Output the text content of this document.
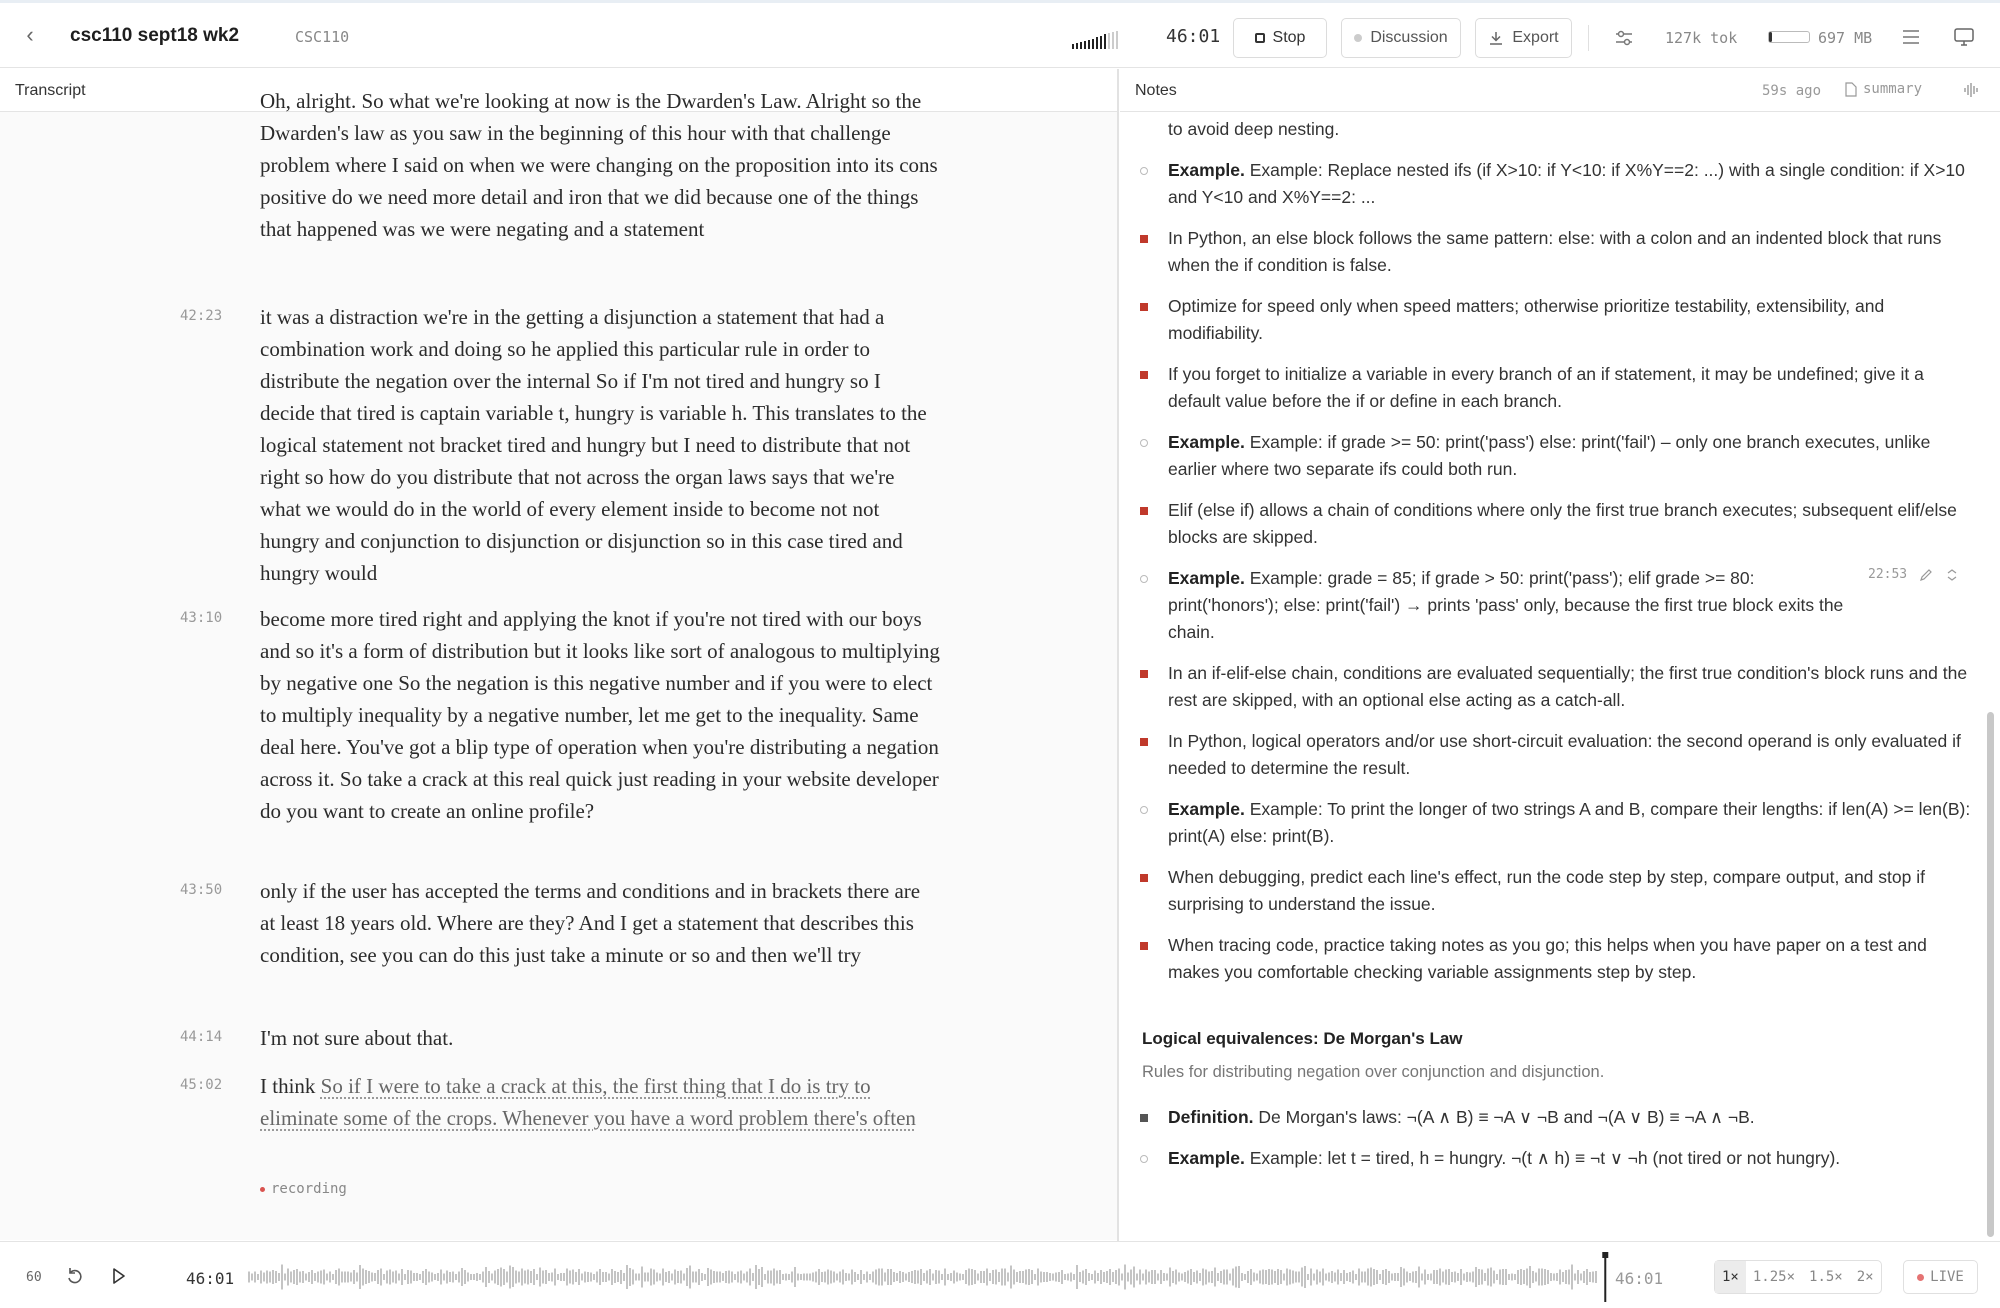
‹	csc110 sept18 wk2	CSC110	46:01	Stop	Discussion	Export	127k tok	697 MB
Transcript	Notes	59s ago	summary
Oh, alright. So what we're looking at now is the Dwarden's Law. Alright so the Dwarden's law as you saw in the beginning of this hour with that challenge problem where I said on when we were changing on the proposition into its cons positive do we need more detail and iron that we did because one of the things that happened was we were negating and a statement
42:23 it was a distraction we're in the getting a disjunction a statement that had a combination work and doing so he applied this particular rule in order to distribute the negation over the internal So if I'm not tired and hungry so I decide that tired is captain variable t, hungry is variable h. This translates to the logical statement not bracket tired and hungry but I need to distribute that not right so how do you distribute that not across the organ laws says that we're what we would do in the world of every element inside to become not not hungry and conjunction to disjunction or disjunction so in this case tired and hungry would
43:10 become more tired right and applying the knot if you're not tired with our boys and so it's a form of distribution but it looks like sort of analogous to multiplying by negative one So the negation is this negative number and if you were to elect to multiply inequality by a negative number, let me get to the inequality. Same deal here. You've got a blip type of operation when you're distributing a negation across it. So take a crack at this real quick just reading in your website developer do you want to create an online profile?
43:50 only if the user has accepted the terms and conditions and in brackets there are at least 18 years old. Where are they? And I get a statement that describes this condition, see you can do this just take a minute or so and then we'll try
44:14 I'm not sure about that.
45:02 I think So if I were to take a crack at this, the first thing that I do is try to eliminate some of the crops. Whenever you have a word problem there's often
recording
to avoid deep nesting.
Example. Example: Replace nested ifs (if X>10: if Y<10: if X%Y==2: ...) with a single condition: if X>10 and Y<10 and X%Y==2: ...
In Python, an else block follows the same pattern: else: with a colon and an indented block that runs when the if condition is false.
Optimize for speed only when speed matters; otherwise prioritize testability, extensibility, and modifiability.
If you forget to initialize a variable in every branch of an if statement, it may be undefined; give it a default value before the if or define in each branch.
Example. Example: if grade >= 50: print('pass') else: print('fail') – only one branch executes, unlike earlier where two separate ifs could both run.
Elif (else if) allows a chain of conditions where only the first true branch executes; subsequent elif/else blocks are skipped.
Example. Example: grade = 85; if grade > 50: print('pass'); elif grade >= 80: print('honors'); else: print('fail') → prints 'pass' only, because the first true block exits the chain.
22:53
In an if-elif-else chain, conditions are evaluated sequentially; the first true condition's block runs and the rest are skipped, with an optional else acting as a catch-all.
In Python, logical operators and/or use short-circuit evaluation: the second operand is only evaluated if needed to determine the result.
Example. Example: To print the longer of two strings A and B, compare their lengths: if len(A) >= len(B): print(A) else: print(B).
When debugging, predict each line's effect, run the code step by step, compare output, and stop if surprising to understand the issue.
When tracing code, practice taking notes as you go; this helps when you have paper on a test and makes you comfortable checking variable assignments step by step.
Logical equivalences: De Morgan's Law
Rules for distributing negation over conjunction and disjunction.
Definition. De Morgan's laws: ¬(A ∧ B) ≡ ¬A ∨ ¬B and ¬(A ∨ B) ≡ ¬A ∧ ¬B.
Example. Example: let t = tired, h = hungry. ¬(t ∧ h) ≡ ¬t ∨ ¬h (not tired or not hungry).
60	46:01	46:01	1×	1.25×	1.5×	2×	LIVE
